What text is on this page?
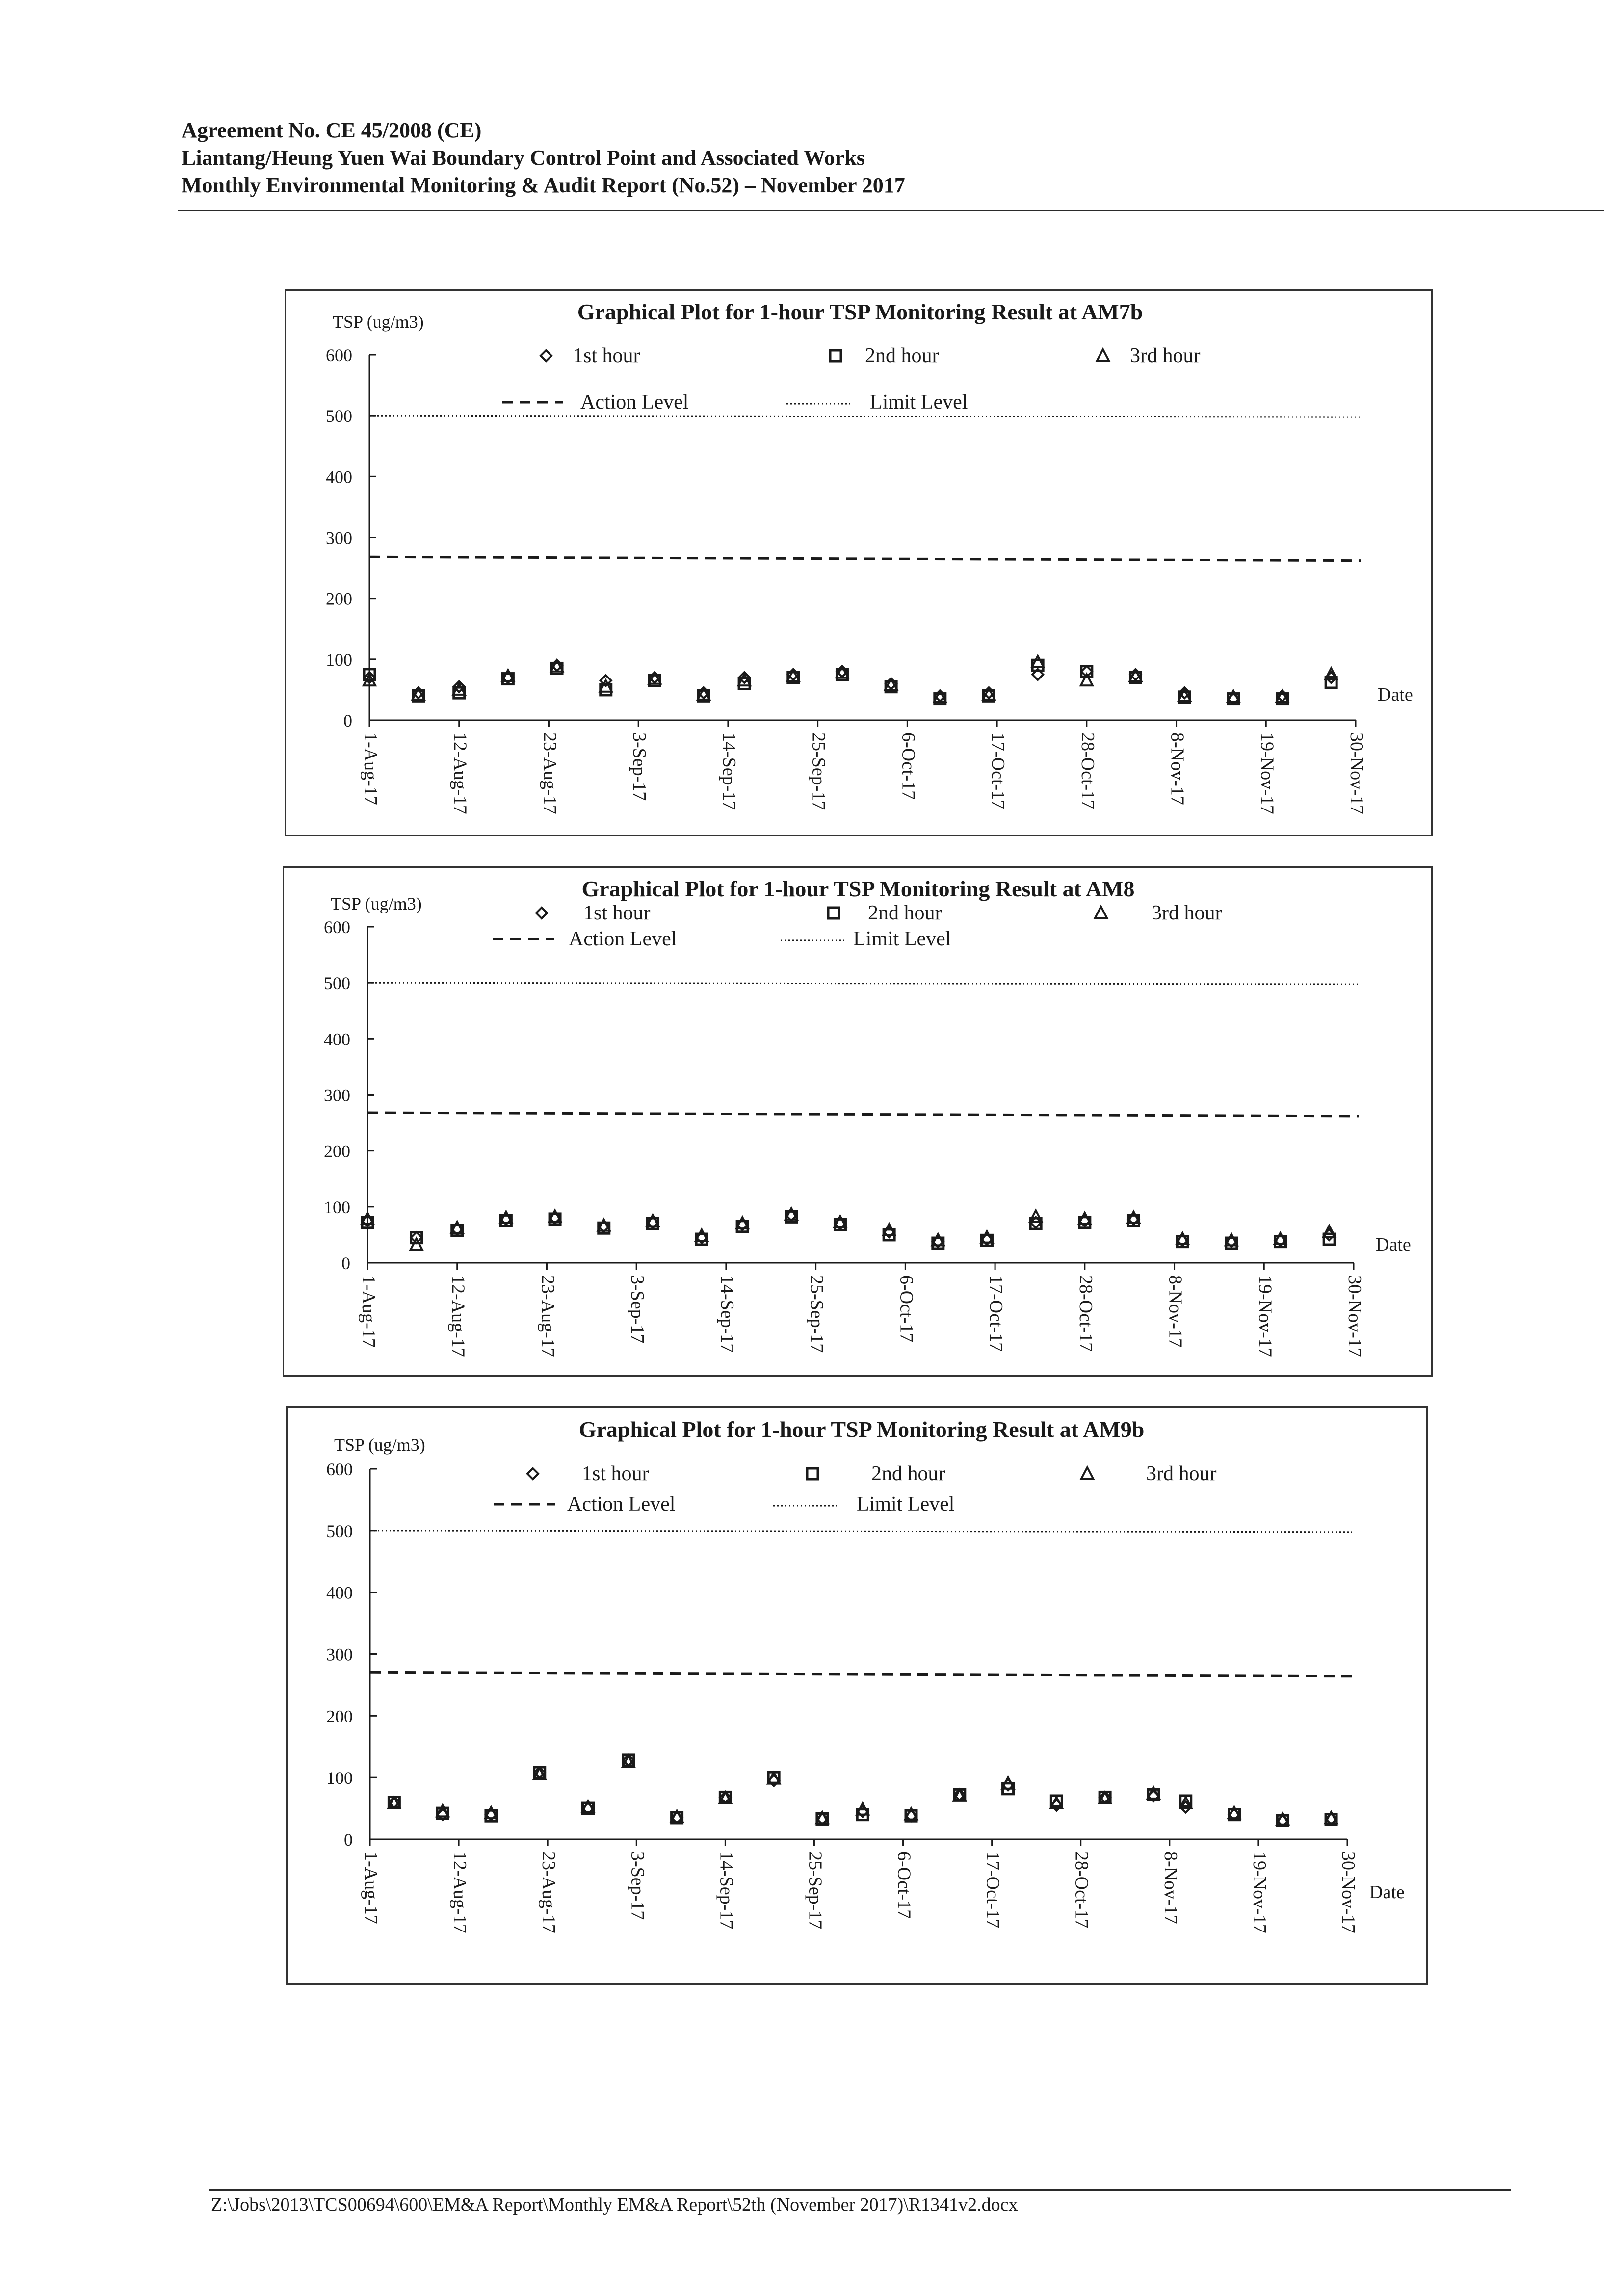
Agreement No. CE 45/2008 (CE)
Liantang/Heung Yuen Wai Boundary Control Point and Associated Works
Monthly Environmental Monitoring & Audit Report (No.52) – November 2017
Graphical Plot for 1-hour TSP Monitoring Result at AM7b
TSP (ug/m3)
Date
0
100
200
300
400
500
600
1-Aug-17	12-Aug-17	23-Aug-17	3-Sep-17	14-Sep-17	25-Sep-17	6-Oct-17	17-Oct-17	28-Oct-17	8-Nov-17	19-Nov-17	30-Nov-17
1st hour	2nd hour	3rd hour
Action Level	Limit Level
Graphical Plot for 1-hour TSP Monitoring Result at AM8
TSP (ug/m3)
Date
0
100
200
300
400
500
600
1-Aug-17	12-Aug-17	23-Aug-17	3-Sep-17	14-Sep-17	25-Sep-17	6-Oct-17	17-Oct-17	28-Oct-17	8-Nov-17	19-Nov-17	30-Nov-17
1st hour	2nd hour	3rd hour
Action Level	Limit Level
Graphical Plot for 1-hour TSP Monitoring Result at AM9b
TSP (ug/m3)
Date
0
100
200
300
400
500
600
1-Aug-17	12-Aug-17	23-Aug-17	3-Sep-17	14-Sep-17	25-Sep-17	6-Oct-17	17-Oct-17	28-Oct-17	8-Nov-17	19-Nov-17	30-Nov-17
1st hour	2nd hour	3rd hour
Action Level	Limit Level
Z:\Jobs\2013\TCS00694\600\EM&A Report\Monthly EM&A Report\52th (November 2017)\R1341v2.docx
